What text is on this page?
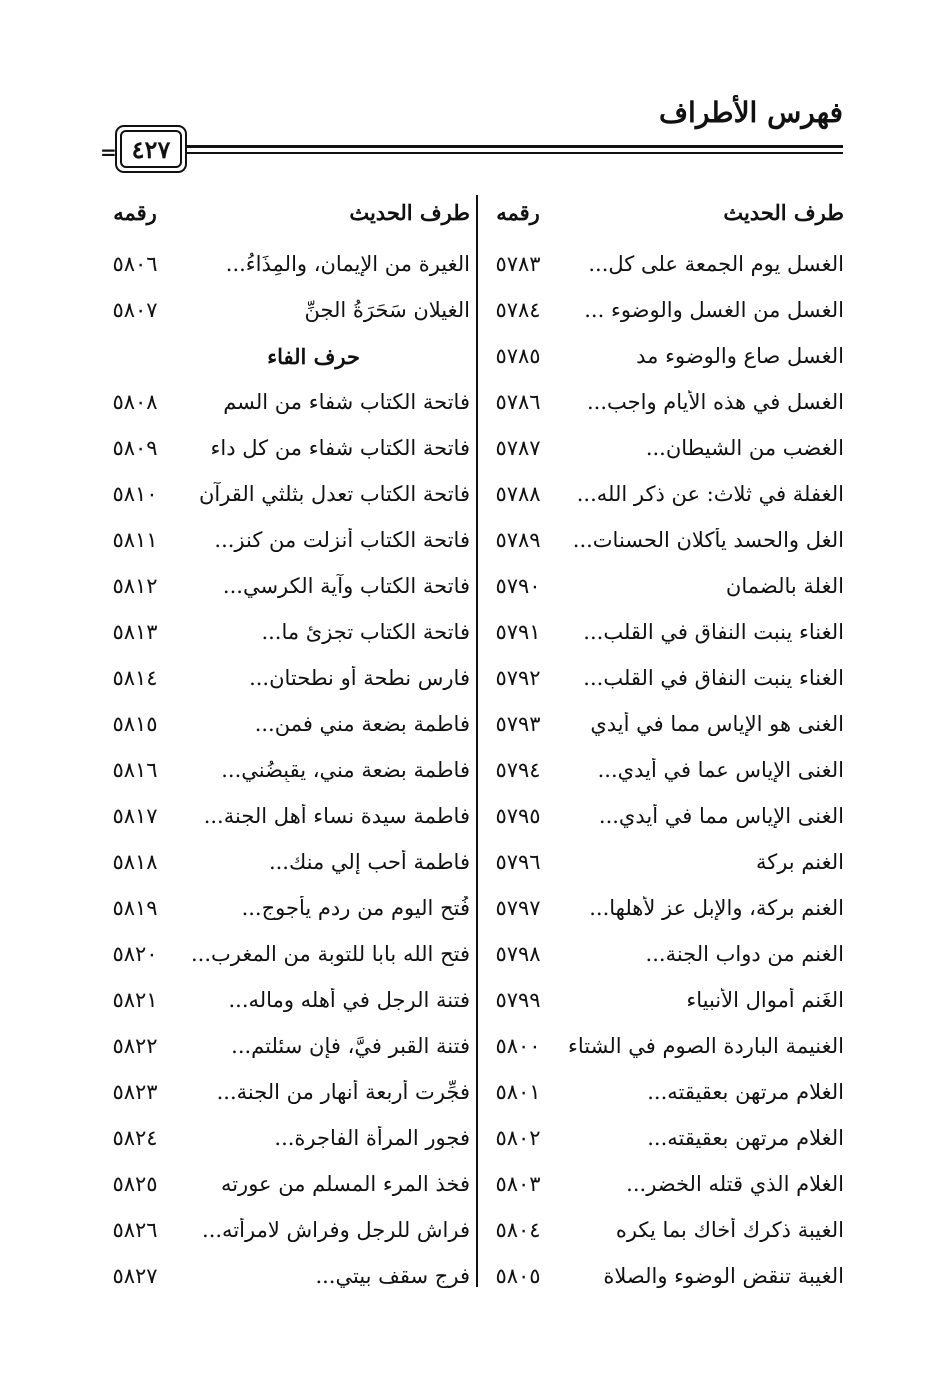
فهرس الأطراف
= ٤٢٧
طرف الحديث
رقمه
الغسل يوم الجمعة على كل...
٥٧٨٣
الغسل من الغسل والوضوء ...
٥٧٨٤
الغسل صاع والوضوء مد
٥٧٨٥
الغسل في هذه الأيام واجب...
٥٧٨٦
الغضب من الشيطان...
٥٧٨٧
الغفلة في ثلاث: عن ذكر الله...
٥٧٨٨
الغل والحسد يأكلان الحسنات...
٥٧٨٩
الغلة بالضمان
٥٧٩٠
الغناء ينبت النفاق في القلب...
٥٧٩١
الغناء ينبت النفاق في القلب...
٥٧٩٢
الغنى هو الإياس مما في أيدي
٥٧٩٣
الغنى الإياس عما في أيدي...
٥٧٩٤
الغنى الإياس مما في أيدي...
٥٧٩٥
الغنم بركة
٥٧٩٦
الغنم بركة، والإبل عز لأهلها...
٥٧٩٧
الغنم من دواب الجنة...
٥٧٩٨
الغَنم أموال الأنبياء
٥٧٩٩
الغنيمة الباردة الصوم في الشتاء
٥٨٠٠
الغلام مرتهن بعقيقته...
٥٨٠١
الغلام مرتهن بعقيقته...
٥٨٠٢
الغلام الذي قتله الخضر...
٥٨٠٣
الغيبة ذكرك أخاك بما يكره
٥٨٠٤
الغيبة تنقض الوضوء والصلاة
٥٨٠٥
طرف الحديث
رقمه
الغيرة من الإيمان، والمِذَاءُ...
٥٨٠٦
الغيلان سَحَرَةُ الجنِّ
٥٨٠٧
حرف الفاء
فاتحة الكتاب شفاء من السم
٥٨٠٨
فاتحة الكتاب شفاء من كل داء
٥٨٠٩
فاتحة الكتاب تعدل بثلثي القرآن
٥٨١٠
فاتحة الكتاب أنزلت من كنز...
٥٨١١
فاتحة الكتاب وآية الكرسي...
٥٨١٢
فاتحة الكتاب تجزئ ما...
٥٨١٣
فارس نطحة أو نطحتان...
٥٨١٤
فاطمة بضعة مني فمن...
٥٨١٥
فاطمة بضعة مني، يقبِضُني...
٥٨١٦
فاطمة سيدة نساء أهل الجنة...
٥٨١٧
فاطمة أحب إلي منك...
٥٨١٨
فُتح اليوم من ردم يأجوج...
٥٨١٩
فتح الله بابا للتوبة من المغرب...
٥٨٢٠
فتنة الرجل في أهله وماله...
٥٨٢١
فتنة القبر فيَّ، فإن سئلتم...
٥٨٢٢
فجِّرت أربعة أنهار من الجنة...
٥٨٢٣
فجور المرأة الفاجرة...
٥٨٢٤
فخذ المرء المسلم من عورته
٥٨٢٥
فراش للرجل وفراش لامرأته...
٥٨٢٦
فرج سقف بيتي...
٥٨٢٧
